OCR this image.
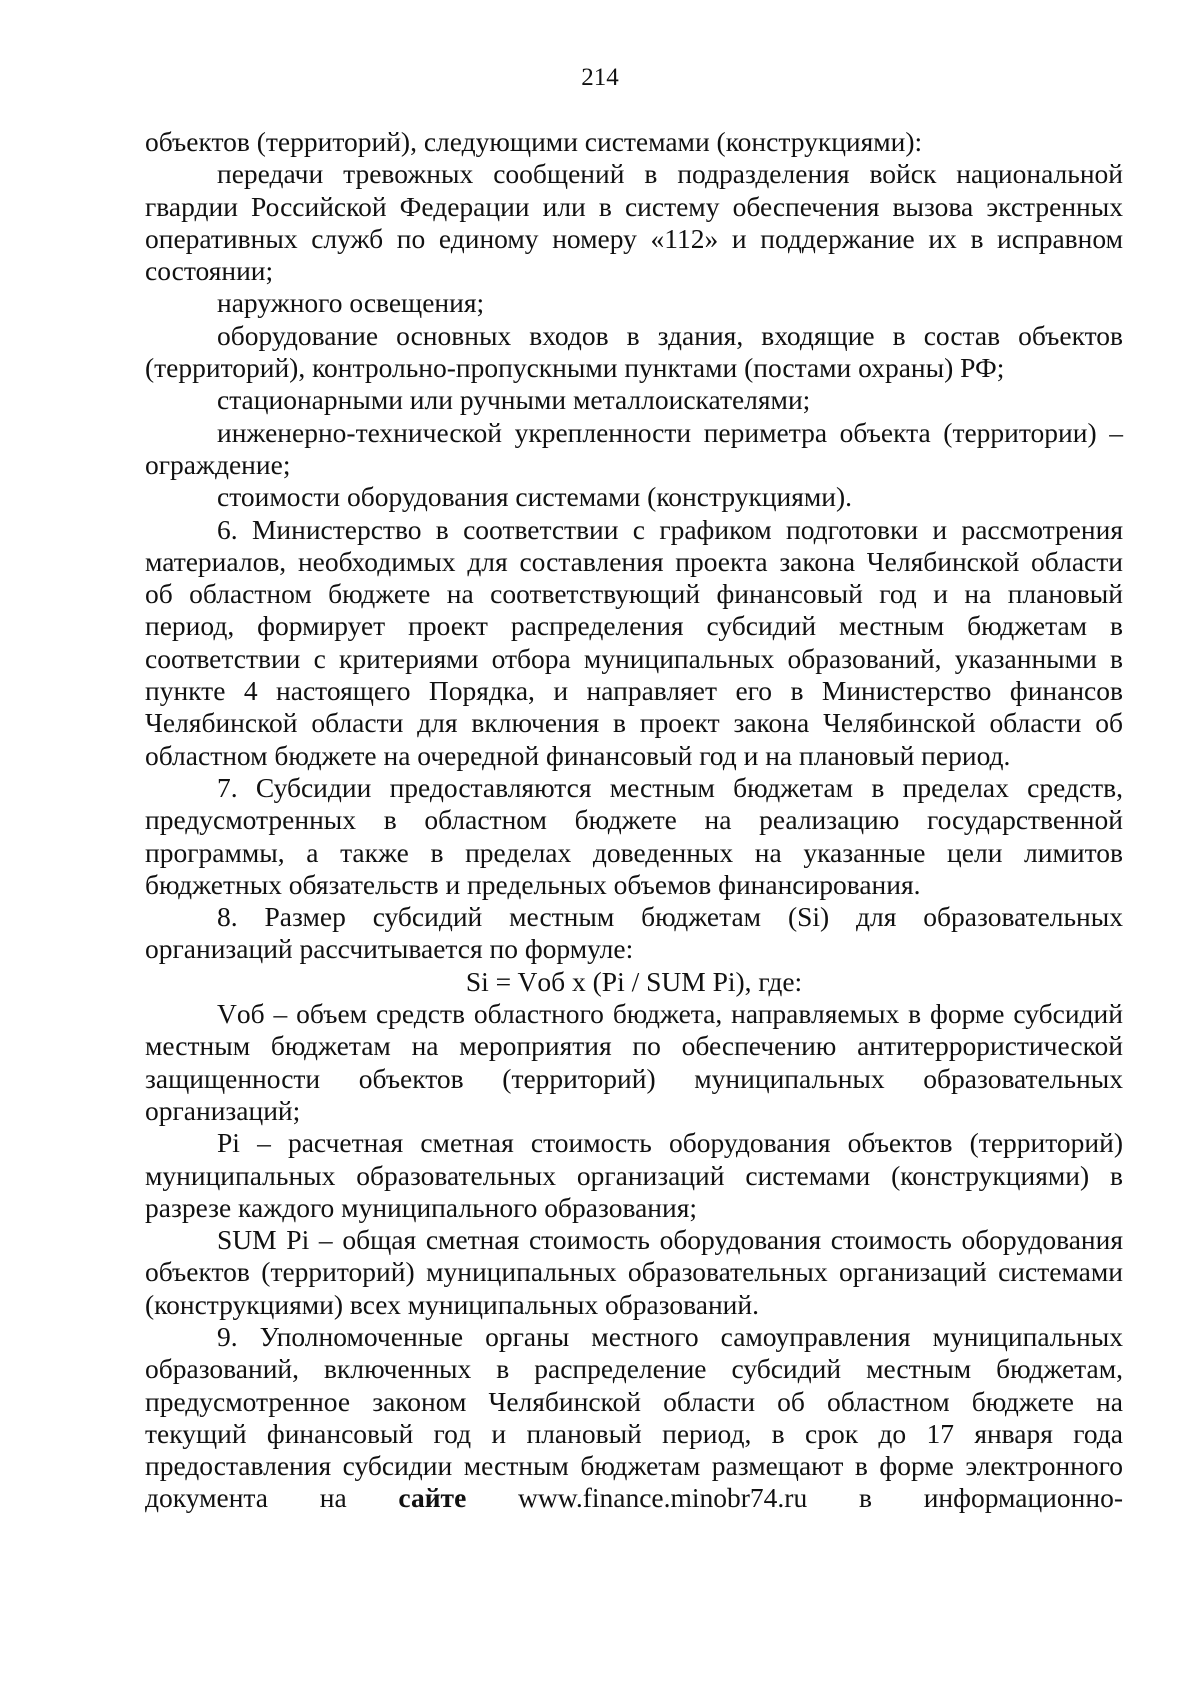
214

объектов (территорий), следующими системами (конструкциями):

передачи тревожных сообщений в подразделения войск национальной гвардии Российской Федерации или в систему обеспечения вызова экстренных оперативных служб по единому номеру «112» и поддержание их в исправном состоянии;

наружного освещения;

оборудование основных входов в здания, входящие в состав объектов (территорий), контрольно-пропускными пунктами (постами охраны) РФ;

стационарными или ручными металлоискателями;

инженерно-технической укрепленности периметра объекта (территории) – ограждение;

стоимости оборудования системами (конструкциями).

6. Министерство в соответствии с графиком подготовки и рассмотрения материалов, необходимых для составления проекта закона Челябинской области об областном бюджете на соответствующий финансовый год и на плановый период, формирует проект распределения субсидий местным бюджетам в соответствии с критериями отбора муниципальных образований, указанными в пункте 4 настоящего Порядка, и направляет его в Министерство финансов Челябинской области для включения в проект закона Челябинской области об областном бюджете на очередной финансовый год и на плановый период.

7. Субсидии предоставляются местным бюджетам в пределах средств, предусмотренных в областном бюджете на реализацию государственной программы, а также в пределах доведенных на указанные цели лимитов бюджетных обязательств и предельных объемов финансирования.

8. Размер субсидий местным бюджетам (Si) для образовательных организаций рассчитывается по формуле:

Si = Vоб х (Pi / SUM Pi), где:

Vоб – объем средств областного бюджета, направляемых в форме субсидий местным бюджетам на мероприятия по обеспечению антитеррористической защищенности объектов (территорий) муниципальных образовательных организаций;

Pi – расчетная сметная стоимость оборудования объектов (территорий) муниципальных образовательных организаций системами (конструкциями) в разрезе каждого муниципального образования;

SUM Pi – общая сметная стоимость оборудования стоимость оборудования объектов (территорий) муниципальных образовательных организаций системами (конструкциями) всех муниципальных образований.

9. Уполномоченные органы местного самоуправления муниципальных образований, включенных в распределение субсидий местным бюджетам, предусмотренное законом Челябинской области об областном бюджете на текущий финансовый год и плановый период, в срок до 17 января года предоставления субсидии местным бюджетам размещают в форме электронного документа на сайте www.finance.minobr74.ru в информационно-
